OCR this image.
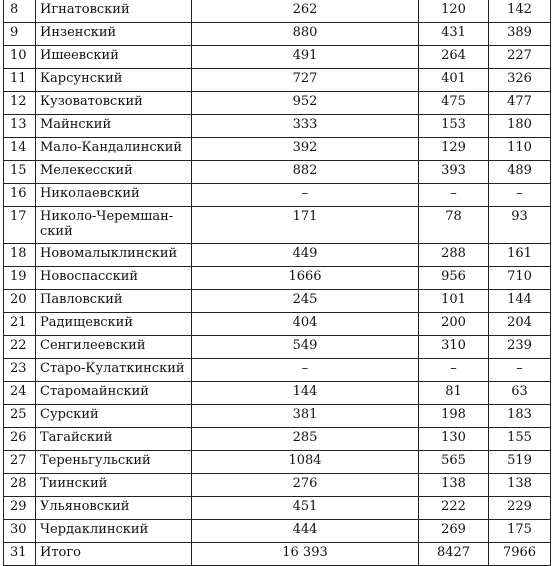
8	Игнатовский	262	120	142
9	Инзенский	880	431	389
10	Ишеевский	491	264	227
11	Карсунский	727	401	326
12	Кузоватовский	952	475	477
13	Майнский	333	153	180
14	Мало-Кандалинский	392	129	110
15	Мелекесский	882	393	489
16	Николаевский	–	–	–
17	Николо-Черемшан-
ский	171	78	93
18	Новомалыклинский	449	288	161
19	Новоспасский	1666	956	710
20	Павловский	245	101	144
21	Радищевский	404	200	204
22	Сенгилеевский	549	310	239
23	Старо-Кулаткинский	–	–	–
24	Старомайнский	144	81	63
25	Сурский	381	198	183
26	Тагайский	285	130	155
27	Тереньгульский	1084	565	519
28	Тиинский	276	138	138
29	Ульяновский	451	222	229
30	Чердаклинский	444	269	175
31	Итого	16 393	8427	7966
